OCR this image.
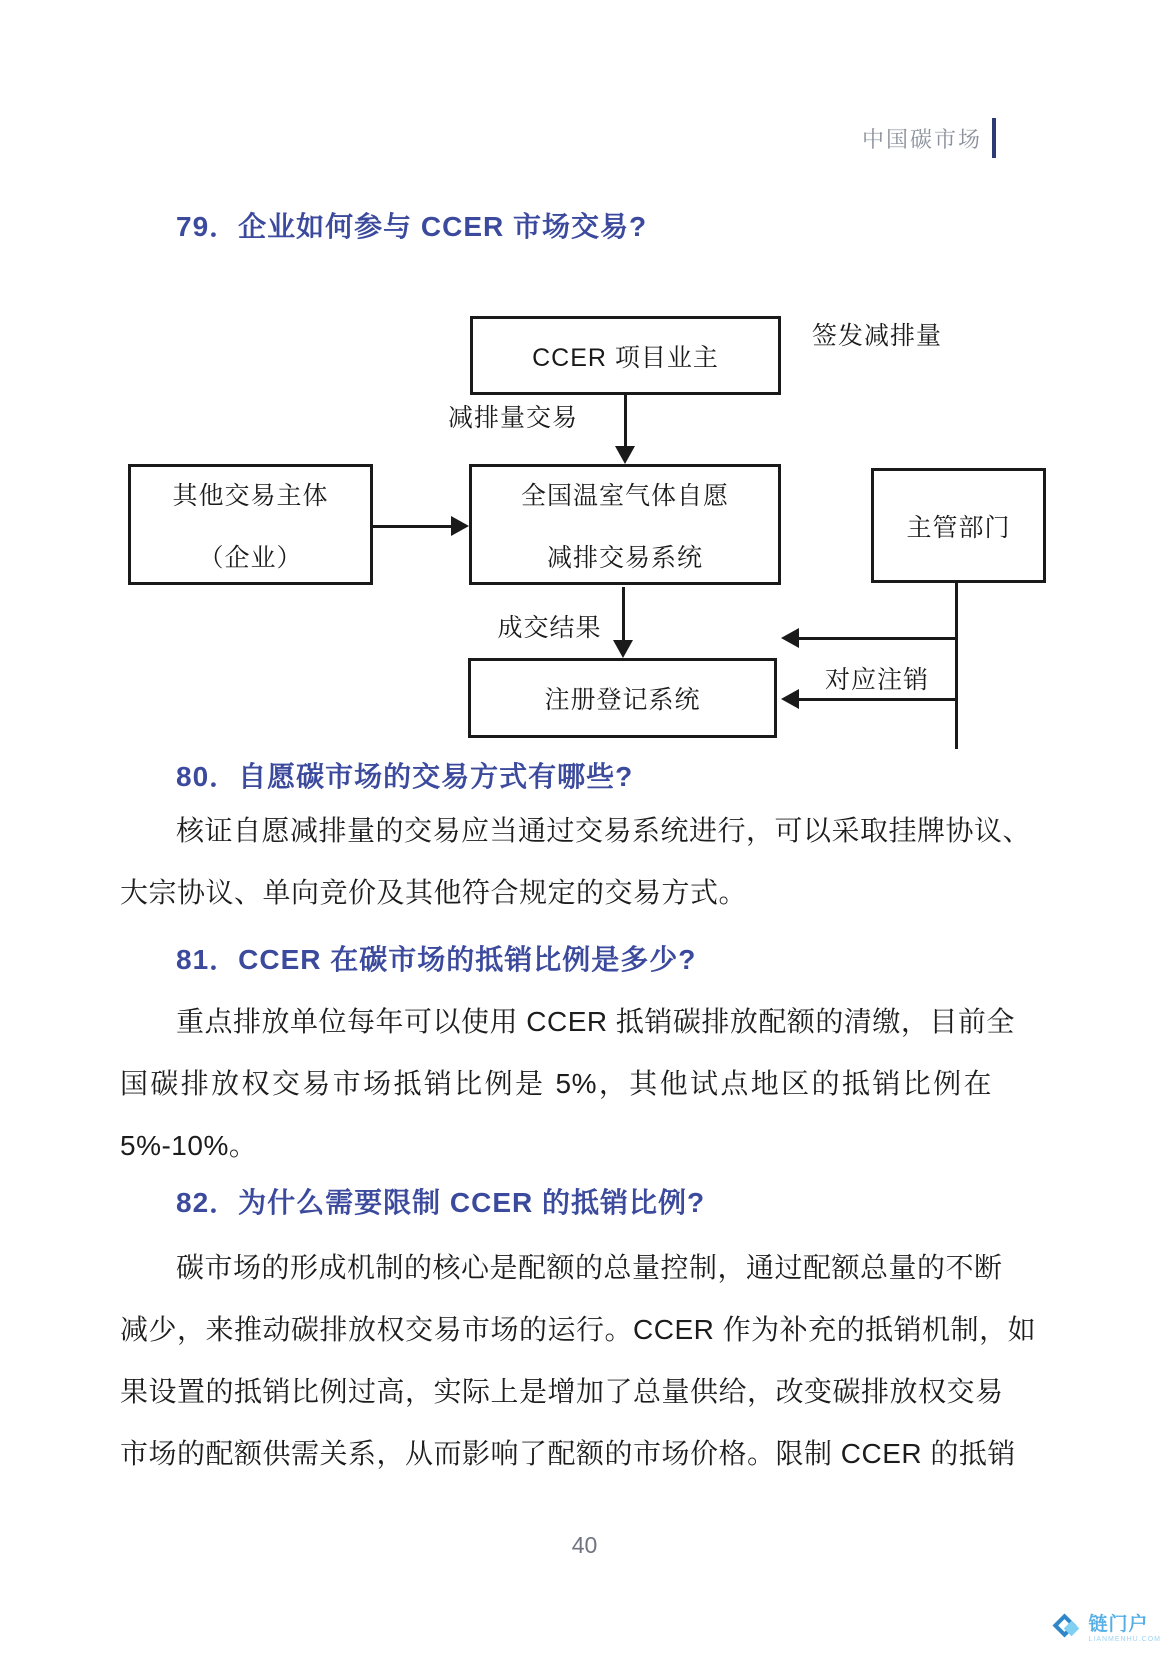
中国碳市场
79．企业如何参与 CCER 市场交易?
CCER 项目业主
其他交易主体
（企业）
全国温室气体自愿
减排交易系统
主管部门
注册登记系统
签发减排量
减排量交易
成交结果
对应注销
80．自愿碳市场的交易方式有哪些?
核证自愿减排量的交易应当通过交易系统进行，可以采取挂牌协议、
大宗协议、单向竞价及其他符合规定的交易方式。
81．CCER 在碳市场的抵销比例是多少?
重点排放单位每年可以使用 CCER 抵销碳排放配额的清缴，目前全
国碳排放权交易市场抵销比例是 5%，其他试点地区的抵销比例在
5%-10%。
82．为什么需要限制 CCER 的抵销比例?
碳市场的形成机制的核心是配额的总量控制，通过配额总量的不断
减少，来推动碳排放权交易市场的运行。CCER 作为补充的抵销机制，如
果设置的抵销比例过高，实际上是增加了总量供给，改变碳排放权交易
市场的配额供需关系，从而影响了配额的市场价格。限制 CCER 的抵销
40
链门户
LIANMENHU.COM
